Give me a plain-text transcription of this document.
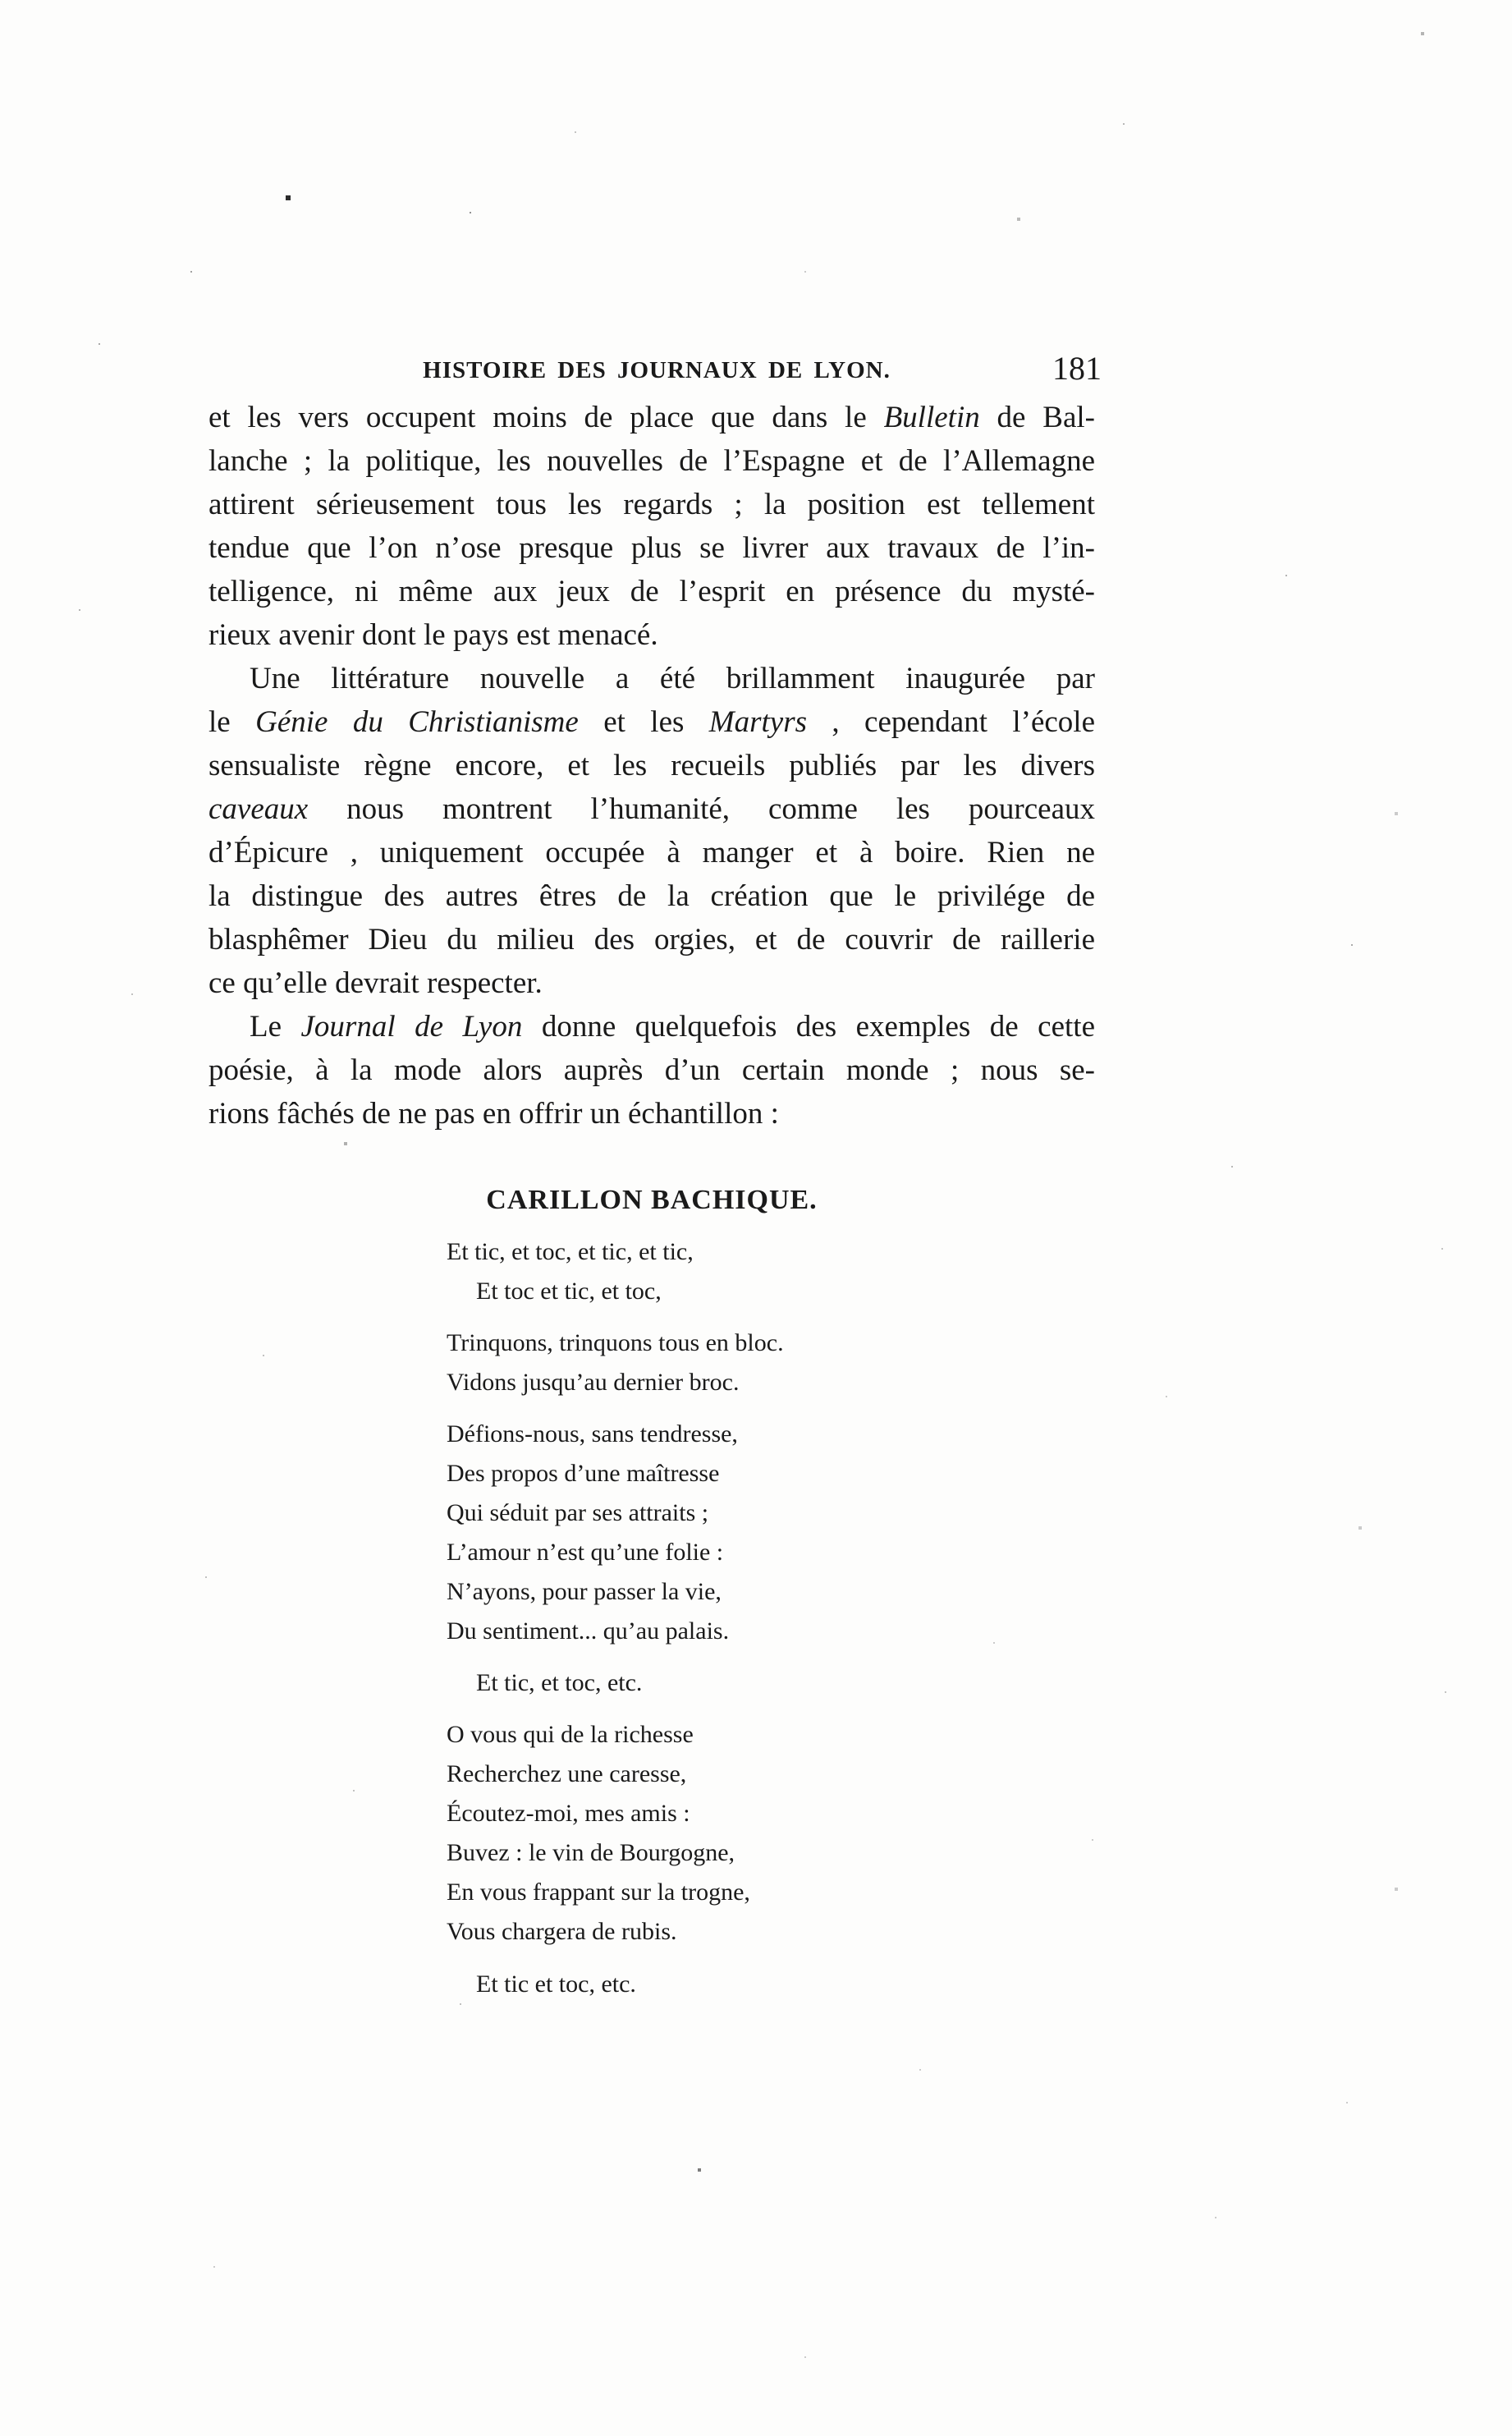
HISTOIRE DES JOURNAUX DE LYON.	181
et les vers occupent moins de place que dans le Bulletin de Bal-
lanche ; la politique, les nouvelles de l’Espagne et de l’Allemagne
attirent sérieusement tous les regards ; la position est tellement
tendue que l’on n’ose presque plus se livrer aux travaux de l’in-
telligence, ni même aux jeux de l’esprit en présence du mysté-
rieux avenir dont le pays est menacé.
Une littérature nouvelle a été brillamment inaugurée par
le Génie du Christianisme et les Martyrs , cependant l’école
sensualiste règne encore, et les recueils publiés par les divers
caveaux nous montrent l’humanité, comme les pourceaux
d’Épicure , uniquement occupée à manger et à boire. Rien ne
la distingue des autres êtres de la création que le privilége de
blasphêmer Dieu du milieu des orgies, et de couvrir de raillerie
ce qu’elle devrait respecter.
Le Journal de Lyon donne quelquefois des exemples de cette
poésie, à la mode alors auprès d’un certain monde ; nous se-
rions fâchés de ne pas en offrir un échantillon :
CARILLON BACHIQUE.
Et tic, et toc, et tic, et tic,
Et toc et tic, et toc,
Trinquons, trinquons tous en bloc.
Vidons jusqu’au dernier broc.
Défions-nous, sans tendresse,
Des propos d’une maîtresse
Qui séduit par ses attraits ;
L’amour n’est qu’une folie :
N’ayons, pour passer la vie,
Du sentiment... qu’au palais.
Et tic, et toc, etc.
O vous qui de la richesse
Recherchez une caresse,
Écoutez-moi, mes amis :
Buvez : le vin de Bourgogne,
En vous frappant sur la trogne,
Vous chargera de rubis.
Et tic et toc, etc.
